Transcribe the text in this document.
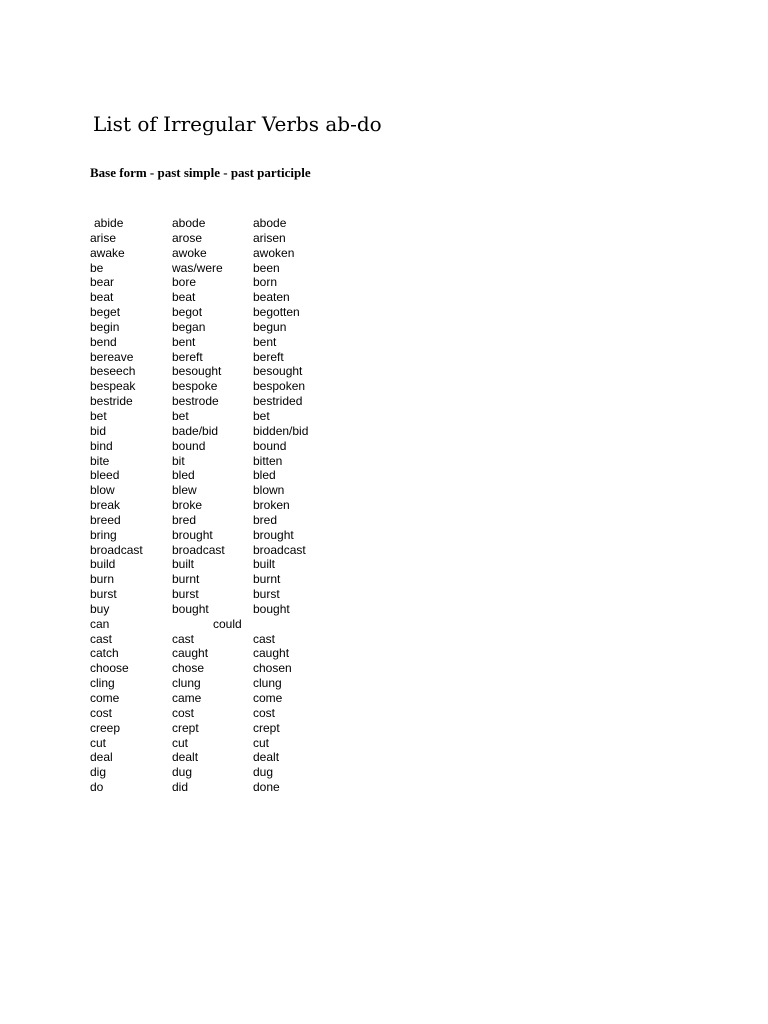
List of Irregular Verbs ab-do
Base form - past simple - past participle
abide	abode	abode
arise	arose	arisen
awake	awoke	awoken
be	was/were	been
bear	bore	born
beat	beat	beaten
beget	begot	begotten
begin	began	begun
bend	bent	bent
bereave	bereft	bereft
beseech	besought	besought
bespeak	bespoke	bespoken
bestride	bestrode	bestrided
bet	bet	bet
bid	bade/bid	bidden/bid
bind	bound	bound
bite	bit	bitten
bleed	bled	bled
blow	blew	blown
break	broke	broken
breed	bred	bred
bring	brought	brought
broadcast broadcast broadcast
build	built	built
burn	burnt	burnt
burst	burst	burst
buy	bought	bought
can	could
cast	cast	cast
catch	caught	caught
choose	chose	chosen
cling	clung	clung
come	came	come
cost	cost	cost
creep	crept	crept
cut	cut	cut
deal	dealt	dealt
dig	dug	dug
do	did	done
